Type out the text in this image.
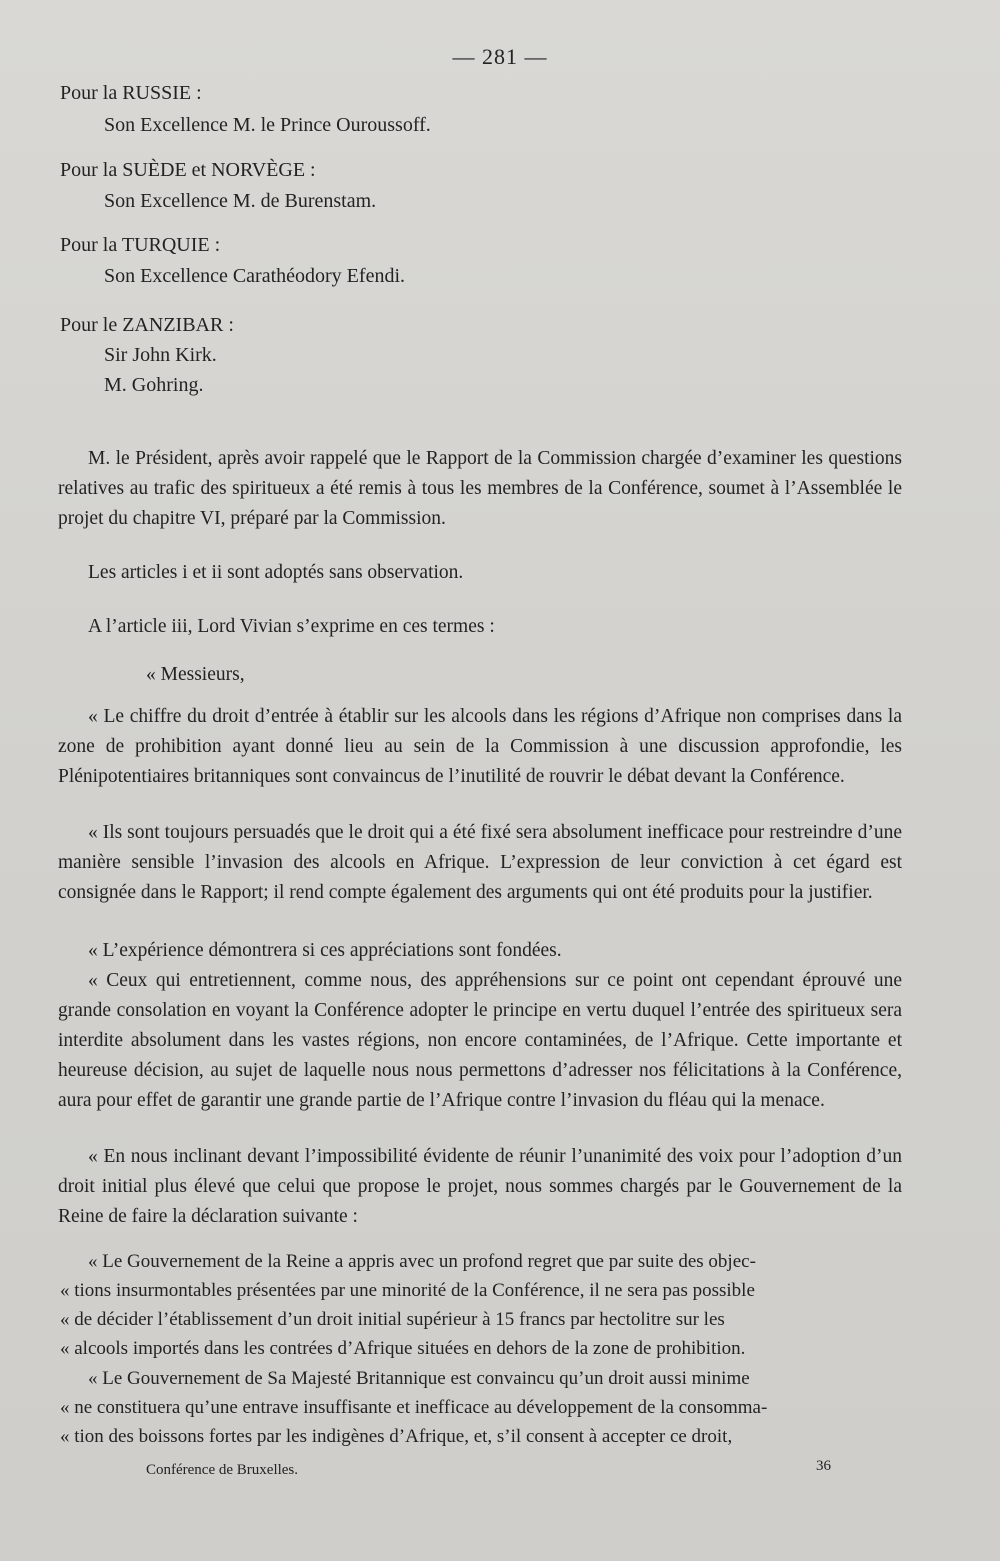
— 281 —
Pour la RUSSIE :
Son Excellence M. le Prince Ouroussoff.
Pour la SUÈDE et NORVÈGE :
Son Excellence M. de Burenstam.
Pour la TURQUIE :
Son Excellence Carathéodory Efendi.
Pour le ZANZIBAR :
Sir John Kirk.
M. Gohring.
M. le Président, après avoir rappelé que le Rapport de la Commission chargée d’examiner les questions relatives au trafic des spiritueux a été remis à tous les membres de la Conférence, soumet à l’Assemblée le projet du chapitre VI, préparé par la Commission.
Les articles i et ii sont adoptés sans observation.
A l’article iii, Lord Vivian s’exprime en ces termes :
« Messieurs,
« Le chiffre du droit d’entrée à établir sur les alcools dans les régions d’Afrique non comprises dans la zone de prohibition ayant donné lieu au sein de la Commission à une discussion approfondie, les Plénipotentiaires britanniques sont convaincus de l’inutilité de rouvrir le débat devant la Conférence.
« Ils sont toujours persuadés que le droit qui a été fixé sera absolument inefficace pour restreindre d’une manière sensible l’invasion des alcools en Afrique. L’expression de leur conviction à cet égard est consignée dans le Rapport; il rend compte également des arguments qui ont été produits pour la justifier.
« L’expérience démontrera si ces appréciations sont fondées.
« Ceux qui entretiennent, comme nous, des appréhensions sur ce point ont cependant éprouvé une grande consolation en voyant la Conférence adopter le principe en vertu duquel l’entrée des spiritueux sera interdite absolument dans les vastes régions, non encore contaminées, de l’Afrique. Cette importante et heureuse décision, au sujet de laquelle nous nous permettons d’adresser nos félicitations à la Conférence, aura pour effet de garantir une grande partie de l’Afrique contre l’invasion du fléau qui la menace.
« En nous inclinant devant l’impossibilité évidente de réunir l’unanimité des voix pour l’adoption d’un droit initial plus élevé que celui que propose le projet, nous sommes chargés par le Gouvernement de la Reine de faire la déclaration suivante :
« Le Gouvernement de la Reine a appris avec un profond regret que par suite des objec-
« tions insurmontables présentées par une minorité de la Conférence, il ne sera pas possible
« de décider l’établissement d’un droit initial supérieur à 15 francs par hectolitre sur les
« alcools importés dans les contrées d’Afrique situées en dehors de la zone de prohibition.
« Le Gouvernement de Sa Majesté Britannique est convaincu qu’un droit aussi minime
« ne constituera qu’une entrave insuffisante et inefficace au développement de la consomma-
« tion des boissons fortes par les indigènes d’Afrique, et, s’il consent à accepter ce droit,
Conférence de Bruxelles.	36
